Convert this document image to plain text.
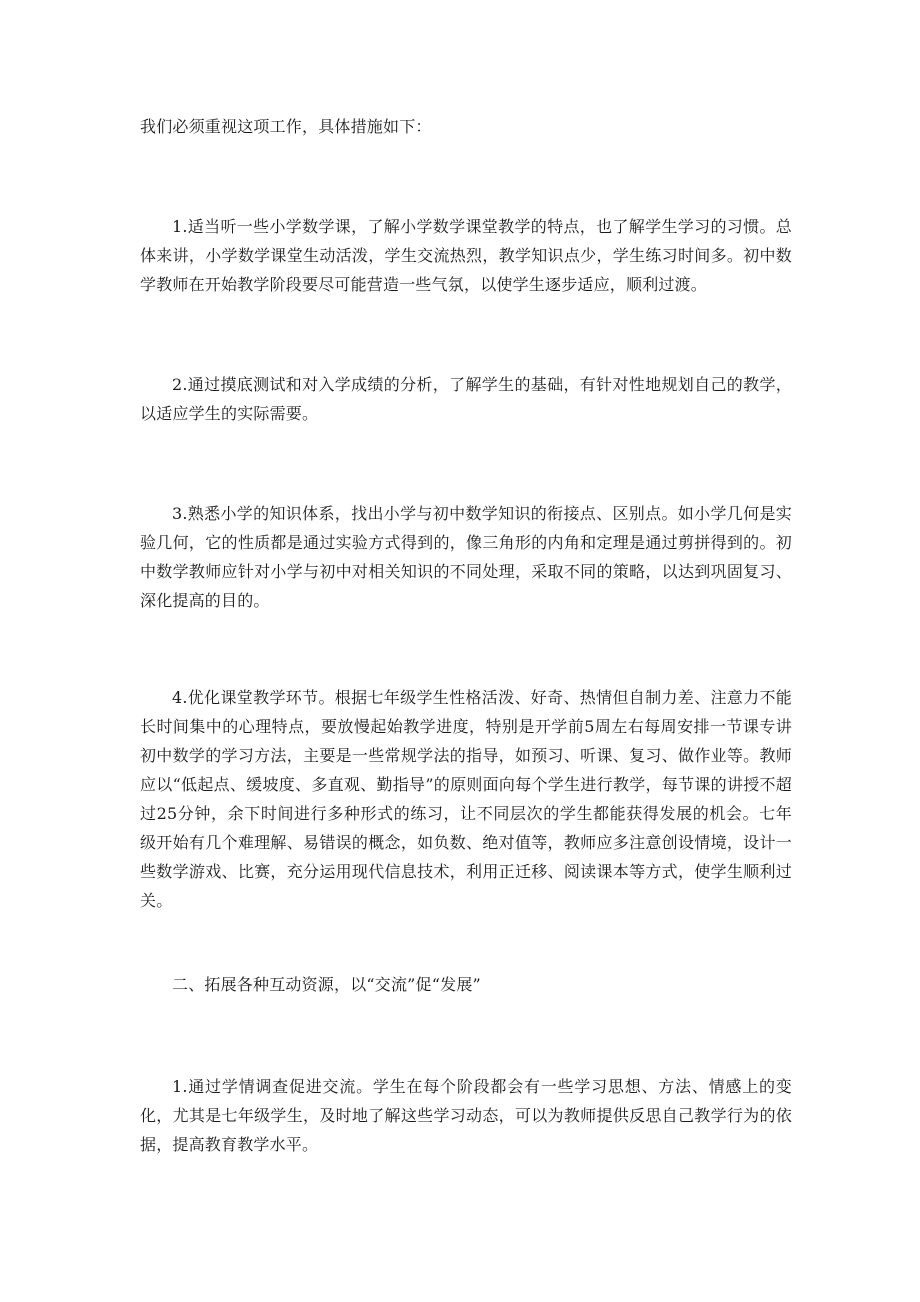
我们必须重视这项工作，具体措施如下：

1.适当听一些小学数学课，了解小学数学课堂教学的特点，也了解学生学习的习惯。总体来讲，小学数学课堂生动活泼，学生交流热烈，教学知识点少，学生练习时间多。初中数学教师在开始教学阶段要尽可能营造一些气氛，以使学生逐步适应，顺利过渡。

2.通过摸底测试和对入学成绩的分析，了解学生的基础，有针对性地规划自己的教学，以适应学生的实际需要。

3.熟悉小学的知识体系，找出小学与初中数学知识的衔接点、区别点。如小学几何是实验几何，它的性质都是通过实验方式得到的，像三角形的内角和定理是通过剪拼得到的。初中数学教师应针对小学与初中对相关知识的不同处理，采取不同的策略，以达到巩固复习、深化提高的目的。

4.优化课堂教学环节。根据七年级学生性格活泼、好奇、热情但自制力差、注意力不能长时间集中的心理特点，要放慢起始教学进度，特别是开学前5周左右每周安排一节课专讲初中数学的学习方法，主要是一些常规学法的指导，如预习、听课、复习、做作业等。教师应以“低起点、缓坡度、多直观、勤指导”的原则面向每个学生进行教学，每节课的讲授不超过25分钟，余下时间进行多种形式的练习，让不同层次的学生都能获得发展的机会。七年级开始有几个难理解、易错误的概念，如负数、绝对值等，教师应多注意创设情境，设计一些数学游戏、比赛，充分运用现代信息技术，利用正迁移、阅读课本等方式，使学生顺利过关。

二、拓展各种互动资源，以“交流”促“发展”

1.通过学情调查促进交流。学生在每个阶段都会有一些学习思想、方法、情感上的变化，尤其是七年级学生，及时地了解这些学习动态，可以为教师提供反思自己教学行为的依据，提高教育教学水平。
